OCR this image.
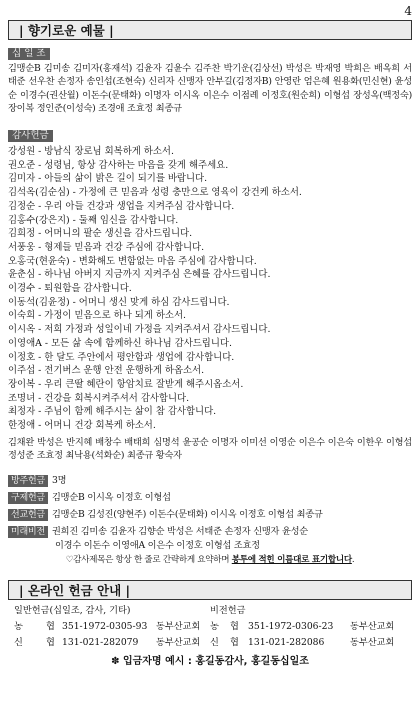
4
| 향기로운 예물 |
십 일 조
김맹순B 김미송 김미자(홍재석) 김윤자 김윤수 김주찬 박기운(김상선) 박성은 박재영 박희은 배옥희 서태준 선우찬 손정자 송인섭(조현숙) 신리자 신맹자 안부길(김정자B) 안영란 엄은혜 원용화(민신현) 윤성순 이경수(권산월) 이돈수(문태화) 이명자 이시옥 이은수 이점례 이정호(원순희) 이형섭 장성옥(백정숙) 장이복 정인준(이성숙) 조경애 조효정 최종규
감사헌금
강성원 - 방남식 장로님 회복하게 하소서.
권오준 - 성령님, 항상 감사하는 마음을 갖게 해주세요.
김미자 - 아들의 삶이 밝은 길이 되기를 바랍니다.
김석옥(김순심) - 가정에 큰 믿음과 성령 충만으로 영육이 강건케 하소서.
김정순 - 우리 아들 건강과 생업을 지켜주심 감사합니다.
김홍수(강은지) - 둘째 임신을 감사합니다.
김희정 - 어머니의 팔순 생신을 감사드립니다.
서풍웅 - 형제들 믿음과 건강 주심에 감사합니다.
오홍국(현윤숙) - 변화해도 변함없는 마음 주심에 감사합니다.
윤춘심 - 하나님 아버지 지금까지 지켜주심 은혜를 감사드립니다.
이경수 - 퇴원함을 감사합니다.
이동석(김윤정) - 어머니 생신 맞게 하심 감사드립니다.
이숙희 - 가정이 믿음으로 하나 되게 하소서.
이시옥 - 저희 가정과 성일이네 가정을 지켜주셔서 감사드립니다.
이영애A - 모든 삶 속에 함께하신 하나님 감사드립니다.
이정호 - 한 달도 주안에서 평안함과 생업에 감사합니다.
이주섭 - 전기버스 운행 안전 운행하게 하옵소서.
장이복 - 우리 큰딸 혜란이 항암치료 잘받게 해주시옵소서.
조명녀 - 건강을 회복시켜주셔서 감사합니다.
최정자 - 주님이 함께 해주시는 삶이 참 감사합니다.
한정애 - 어머니 건강 회복케 하소서.
김채완 박성은 반지혜 배창수 배태희 심명석 윤공순 이명자 이미선 이영순 이은수 이은숙 이한우 이형섭 정성준 조효정 최낙용(석화순) 최종규 황숙자
방주헌금 3명
구제헌금 김맹순B 이시옥 이정호 이형섭
선교헌금 김맹순B 김성진(양현주) 이돈수(문태화) 이시옥 이정호 이형섭 최종규
미래비전 권희진 김미송 김윤자 김향순 박성은 서태준 손정자 신맹자 윤성순
이경수 이돈수 이영애A 이은수 이정호 이형섭 조효정
♡감사제목은 항상 한 줄로 간략하게 요약하며 봉투에 적힌 이름대로 표기합니다.
| 온라인 헌금 안내 |
일반헌금(십일조, 감사, 기타)	비전헌금
농	협 351-1972-0305-93 동부산교회 농 협 351-1972-0306-23 동부산교회
신	협 131-021-282079 동부산교회 신 협 131-021-282086	동부산교회
✽ 입금자명 예시 : 홍길동감사, 홍길동십일조
